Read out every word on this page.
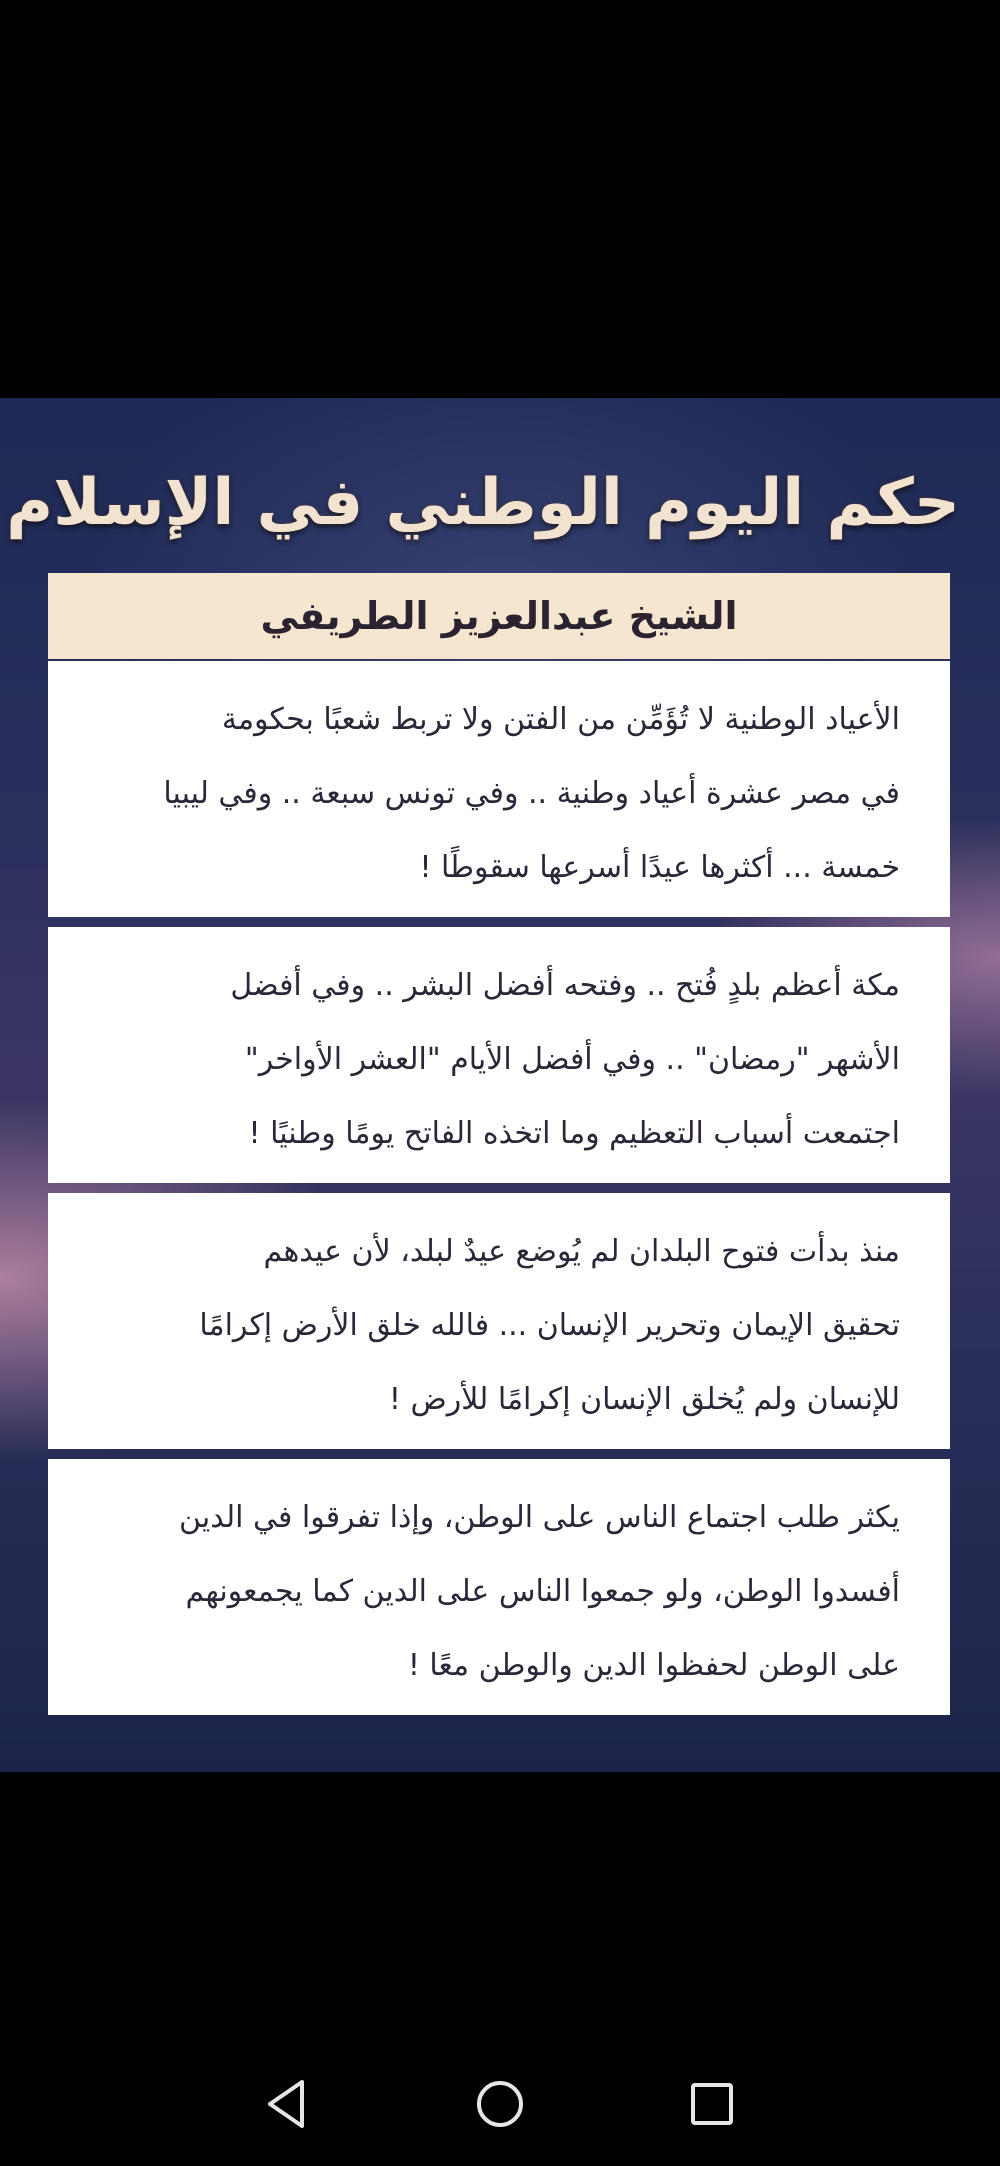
حكم اليوم الوطني في الإسلام
الشيخ عبدالعزيز الطريفي
الأعياد الوطنية لا تُؤَمِّن من الفتن ولا تربط شعبًا بحكومة
في مصر عشرة أعياد وطنية .. وفي تونس سبعة .. وفي ليبيا
خمسة ... أكثرها عيدًا أسرعها سقوطًا !
مكة أعظم بلدٍ فُتح .. وفتحه أفضل البشر .. وفي أفضل
الأشهر "رمضان" .. وفي أفضل الأيام "العشر الأواخر"
اجتمعت أسباب التعظيم وما اتخذه الفاتح يومًا وطنيًا !
منذ بدأت فتوح البلدان لم يُوضع عيدٌ لبلد، لأن عيدهم
تحقيق الإيمان وتحرير الإنسان ... فالله خلق الأرض إكرامًا
للإنسان ولم يُخلق الإنسان إكرامًا للأرض !
يكثر طلب اجتماع الناس على الوطن، وإذا تفرقوا في الدين
أفسدوا الوطن، ولو جمعوا الناس على الدين كما يجمعونهم
على الوطن لحفظوا الدين والوطن معًا !
